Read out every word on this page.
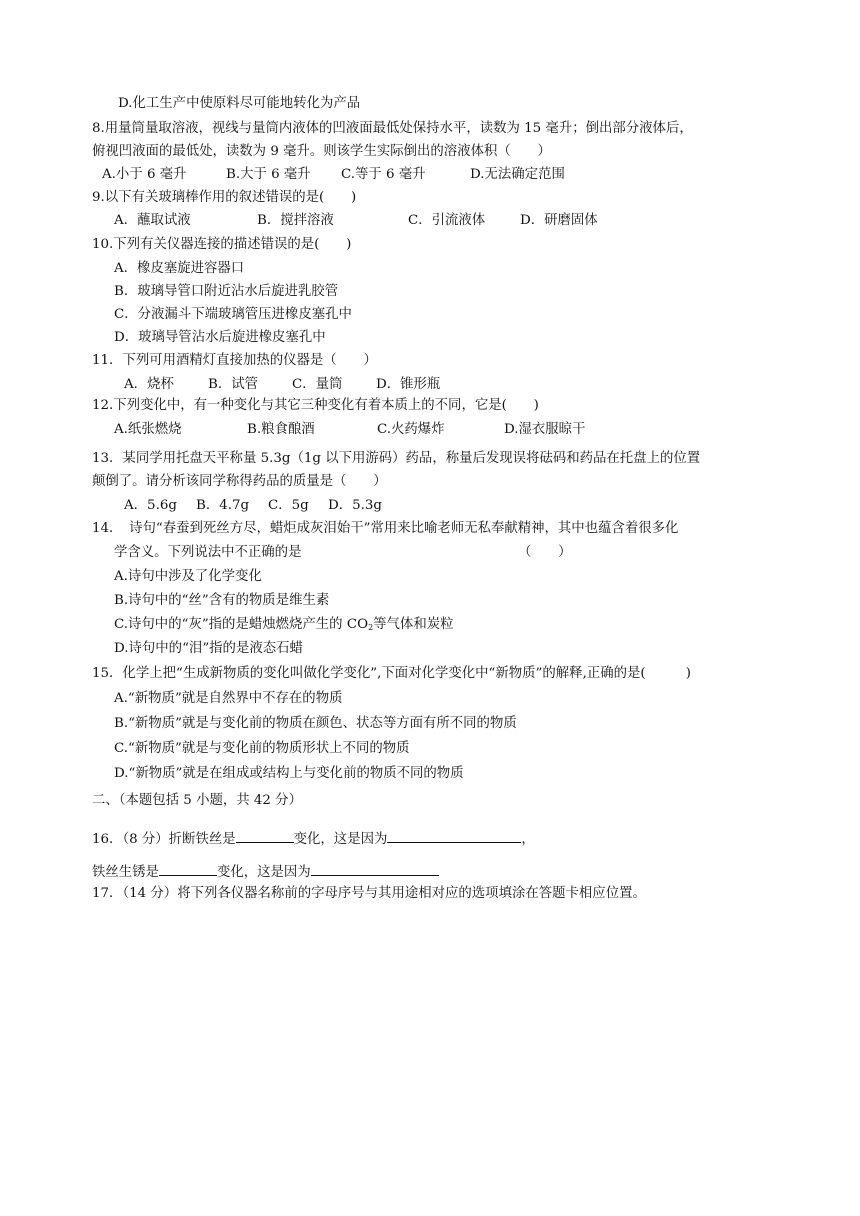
D.化工生产中使原料尽可能地转化为产品
8.用量筒量取溶液，视线与量筒内液体的凹液面最低处保持水平，读数为 15 毫升；倒出部分液体后，
俯视凹液面的最低处，读数为 9 毫升。则该学生实际倒出的溶液体积（　　）
A.小于 6 毫升	B.大于 6 毫升 C.等于 6 毫升	D.无法确定范围
9.以下有关玻璃棒作用的叙述错误的是(　　)
A．蘸取试液	B．搅拌溶液	C．引流液体	D．研磨固体
10.下列有关仪器连接的描述错误的是(　　)
A．橡皮塞旋进容器口
B．玻璃导管口附近沾水后旋进乳胶管
C．分液漏斗下端玻璃管压进橡皮塞孔中
D．玻璃导管沾水后旋进橡皮塞孔中
11．下列可用酒精灯直接加热的仪器是（　　）
A．烧杯	B．试管	C．量筒	D．锥形瓶
12.下列变化中，有一种变化与其它三种变化有着本质上的不同，它是(　　)
A.纸张燃烧	B.粮食酿酒	C.火药爆炸	D.湿衣服晾干
13．某同学用托盘天平称量 5.3g（1g 以下用游码）药品，称量后发现误将砝码和药品在托盘上的位置
颠倒了。请分析该同学称得药品的质量是（　　）
A．5.6g B．4.7g C．5g D．5.3g
14．　诗句“春蚕到死丝方尽，蜡炬成灰泪始干”常用来比喻老师无私奉献精神，其中也蕴含着很多化
学含义。下列说法中不正确的是	（　　）
A.诗句中涉及了化学变化
B.诗句中的“丝”含有的物质是维生素
C.诗句中的“灰”指的是蜡烛燃烧产生的 $CO_2$等气体和炭粒
D.诗句中的“泪”指的是液态石蜡
15．化学上把“生成新物质的变化叫做化学变化”,下面对化学变化中“新物质”的解释,正确的是(　　　)
A.“新物质”就是自然界中不存在的物质
B.“新物质”就是与变化前的物质在颜色、状态等方面有所不同的物质
C.“新物质”就是与变化前的物质形状上不同的物质
D.“新物质”就是在组成或结构上与变化前的物质不同的物质
二、（本题包括 5 小题，共 42 分）
16．（8 分）折断铁丝是	变化，这是因为	，
铁丝生锈是	变化，这是因为
17．（14 分）将下列各仪器名称前的字母序号与其用途相对应的选项填涂在答题卡相应位置。
